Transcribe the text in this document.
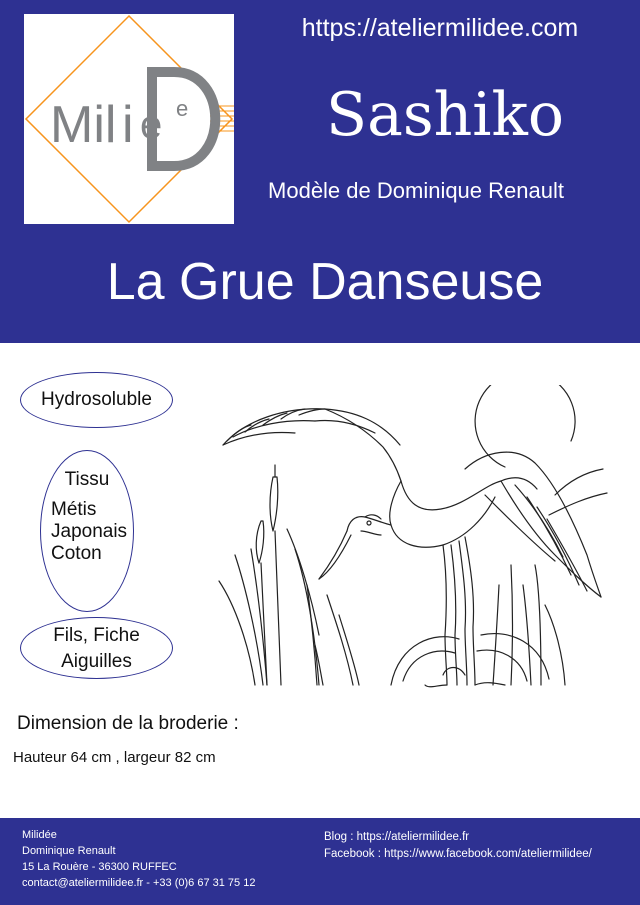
Mil i é e
https://ateliermilidee.com
Sashiko
Modèle de Dominique Renault
La Grue Danseuse
Hydrosoluble
Tissu
Métis
Japonais
Coton
Fils, Fiche
Aiguilles
Dimension de la broderie :
Hauteur 64 cm , largeur 82 cm
Milidée
Dominique Renault
15 La Rouère - 36300 RUFFEC
contact@ateliermilidee.fr - +33 (0)6 67 31 75 12
Blog : https://ateliermilidee.fr
Facebook : https://www.facebook.com/ateliermilidee/
